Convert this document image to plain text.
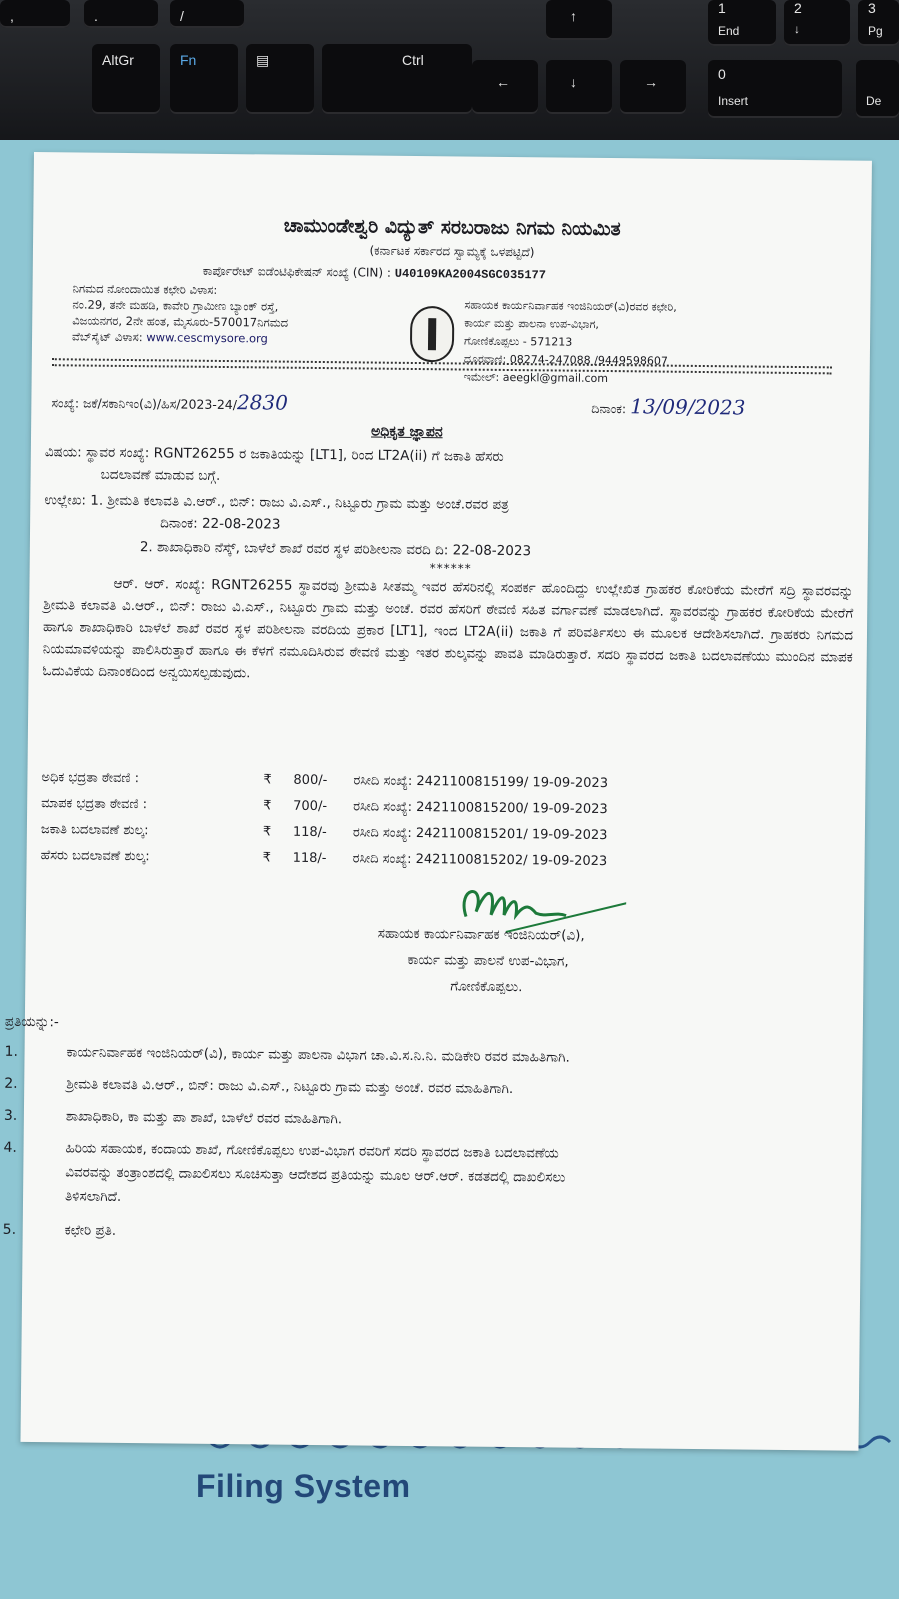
,	.	/
AltGr	Fn	▤	Ctrl
↑
←	↓	→
1
End
2
↓
3
Pg
0
Insert	De
Filing System
ಚಾಮುಂಡೇಶ್ವರಿ ವಿದ್ಯುತ್ ಸರಬರಾಜು ನಿಗಮ ನಿಯಮಿತ
(ಕರ್ನಾಟಕ ಸರ್ಕಾರದ ಸ್ವಾಮ್ಯಕ್ಕೆ ಒಳಪಟ್ಟಿದೆ)
ಕಾರ್ಪೊರೇಟ್ ಐಡೆಂಟಿಫಿಕೇಷನ್ ಸಂಖ್ಯೆ (CIN) : U40109KA2004SGC035177
ನಿಗಮದ ನೋಂದಾಯಿತ ಕಛೇರಿ ವಿಳಾಸ:
ನಂ.29, ತನೇ ಮಹಡಿ, ಕಾವೇರಿ ಗ್ರಾಮೀಣ ಬ್ಯಾಂಕ್ ರಸ್ತೆ,
ವಿಜಯನಗರ, 2ನೇ ಹಂತ, ಮೈಸೂರು-570017ನಿಗಮದ
ವೆಬ್‌ಸೈಟ್ ವಿಳಾಸ: www.cescmysore.org
ಸಹಾಯಕ ಕಾರ್ಯನಿರ್ವಾಹಕ ಇಂಜಿನಿಯರ್(ವಿ)ರವರ ಕಛೇರಿ,
ಕಾರ್ಯ ಮತ್ತು ಪಾಲನಾ ಉಪ-ವಿಭಾಗ,
ಗೋಣಿಕೊಪ್ಪಲು - 571213
ದೂರವಾಣಿ: 08274-247088 /9449598607
ಇಮೇಲ್: aeegkl@gmail.com
ಸಂಖ್ಯೆ: ಜಕೆ/ಸಕಾನಿಇಂ(ವಿ)/ಹಿಸ/2023-24/2830	ದಿನಾಂಕ: 13/09/2023
ಅಧಿಕೃತ ಜ್ಞಾಪನ
ವಿಷಯ: ಸ್ಥಾವರ ಸಂಖ್ಯೆ: RGNT26255 ರ ಜಕಾತಿಯನ್ನು [LT1], ರಿಂದ LT2A(ii) ಗೆ ಜಕಾತಿ ಹೆಸರು
ಬದಲಾವಣೆ ಮಾಡುವ ಬಗ್ಗೆ.
ಉಲ್ಲೇಖ: 1. ಶ್ರೀಮತಿ ಕಲಾವತಿ ವಿ.ಆರ್., ಬಿನ್: ರಾಜು ವಿ.ಎಸ್., ನಿಟ್ಟೂರು ಗ್ರಾಮ ಮತ್ತು ಅಂಚೆ.ರವರ ಪತ್ರ
ದಿನಾಂಕ: 22-08-2023
2. ಶಾಖಾಧಿಕಾರಿ ನೆಸ್ಕ್, ಬಾಳೆಲೆ ಶಾಖೆ ರವರ ಸ್ಥಳ ಪರಿಶೀಲನಾ ವರದಿ ದಿ: 22-08-2023
******
ಆರ್. ಆರ್. ಸಂಖ್ಯೆ: RGNT26255 ಸ್ಥಾವರವು ಶ್ರೀಮತಿ ಸೀತಮ್ಮ ಇವರ ಹೆಸರಿನಲ್ಲಿ ಸಂಪರ್ಕ ಹೊಂದಿದ್ದು ಉಲ್ಲೇಖಿತ ಗ್ರಾಹಕರ ಕೋರಿಕೆಯ ಮೇರೆಗೆ ಸದ್ರಿ ಸ್ಥಾವರವನ್ನು ಶ್ರೀಮತಿ ಕಲಾವತಿ ವಿ.ಆರ್., ಬಿನ್: ರಾಜು ವಿ.ಎಸ್., ನಿಟ್ಟೂರು ಗ್ರಾಮ ಮತ್ತು ಅಂಚೆ. ರವರ ಹೆಸರಿಗೆ ಠೇವಣಿ ಸಹಿತ ವರ್ಗಾವಣೆ ಮಾಡಲಾಗಿದೆ. ಸ್ಥಾವರವನ್ನು ಗ್ರಾಹಕರ ಕೋರಿಕೆಯ ಮೇರೆಗೆ ಹಾಗೂ ಶಾಖಾಧಿಕಾರಿ ಬಾಳೆಲೆ ಶಾಖೆ ರವರ ಸ್ಥಳ ಪರಿಶೀಲನಾ ವರದಿಯ ಪ್ರಕಾರ [LT1], ಇಂದ LT2A(ii) ಜಕಾತಿ ಗೆ ಪರಿವರ್ತಿಸಲು ಈ ಮೂಲಕ ಆದೇಶಿಸಲಾಗಿದೆ. ಗ್ರಾಹಕರು ನಿಗಮದ ನಿಯಮಾವಳಿಯನ್ನು ಪಾಲಿಸಿರುತ್ತಾರೆ ಹಾಗೂ ಈ ಕೆಳಗೆ ನಮೂದಿಸಿರುವ ಠೇವಣಿ ಮತ್ತು ಇತರ ಶುಲ್ಕವನ್ನು ಪಾವತಿ ಮಾಡಿರುತ್ತಾರೆ. ಸದರಿ ಸ್ಥಾವರದ ಜಕಾತಿ ಬದಲಾವಣೆಯು ಮುಂದಿನ ಮಾಪಕ ಓದುವಿಕೆಯ ದಿನಾಂಕದಿಂದ ಅನ್ವಯಿಸಲ್ಪಡುವುದು.
ಅಧಿಕ ಭದ್ರತಾ ಠೇವಣಿ :	₹ 800/- ರಸೀದಿ ಸಂಖ್ಯೆ: 242110081519​9/ 19-09-2023
ಮಾಪಕ ಭದ್ರತಾ ಠೇವಣಿ :	₹ 700/- ರಸೀದಿ ಸಂಖ್ಯೆ: 242110081520​0/ 19-09-2023
ಜಕಾತಿ ಬದಲಾವಣೆ ಶುಲ್ಕ:	₹ 118/- ರಸೀದಿ ಸಂಖ್ಯೆ: 242110081520​1/ 19-09-2023
ಹೆಸರು ಬದಲಾವಣೆ ಶುಲ್ಕ:	₹ 118/- ರಸೀದಿ ಸಂಖ್ಯೆ: 242110081520​2/ 19-09-2023
ಸಹಾಯಕ ಕಾರ್ಯನಿರ್ವಾಹಕ ಇಂಜಿನಿಯರ್(ವಿ),
ಕಾರ್ಯ ಮತ್ತು ಪಾಲನೆ ಉಪ-ವಿಭಾಗ,
ಗೋಣಿಕೊಪ್ಪಲು.
ಪ್ರತಿಯನ್ನು:-
1.	ಕಾರ್ಯನಿರ್ವಾಹಕ ಇಂಜಿನಿಯರ್(ವಿ), ಕಾರ್ಯ ಮತ್ತು ಪಾಲನಾ ವಿಭಾಗ ಚಾ.ವಿ.ಸ.ನಿ.ನಿ. ಮಡಿಕೇರಿ ರವರ ಮಾಹಿತಿಗಾಗಿ.
2.	ಶ್ರೀಮತಿ ಕಲಾವತಿ ವಿ.ಆರ್., ಬಿನ್: ರಾಜು ವಿ.ಎಸ್., ನಿಟ್ಟೂರು ಗ್ರಾಮ ಮತ್ತು ಅಂಚೆ. ರವರ ಮಾಹಿತಿಗಾಗಿ.
3.	ಶಾಖಾಧಿಕಾರಿ, ಕಾ ಮತ್ತು ಪಾ ಶಾಖೆ, ಬಾಳೆಲೆ ರವರ ಮಾಹಿತಿಗಾಗಿ.
4.	ಹಿರಿಯ ಸಹಾಯಕ, ಕಂದಾಯ ಶಾಖೆ, ಗೋಣಿಕೊಪ್ಪಲು ಉಪ-ವಿಭಾಗ ರವರಿಗೆ ಸದರಿ ಸ್ಥಾವರದ ಜಕಾತಿ ಬದಲಾವಣೆಯ
ವಿವರವನ್ನು ತಂತ್ರಾಂಶದಲ್ಲಿ ದಾಖಲಿಸಲು ಸೂಚಿಸುತ್ತಾ ಆದೇಶದ ಪ್ರತಿಯನ್ನು ಮೂಲ ಆರ್.ಆರ್. ಕಡತದಲ್ಲಿ ದಾಖಲಿಸಲು
ತಿಳಿಸಲಾಗಿದೆ.
5.	ಕಛೇರಿ ಪ್ರತಿ.
